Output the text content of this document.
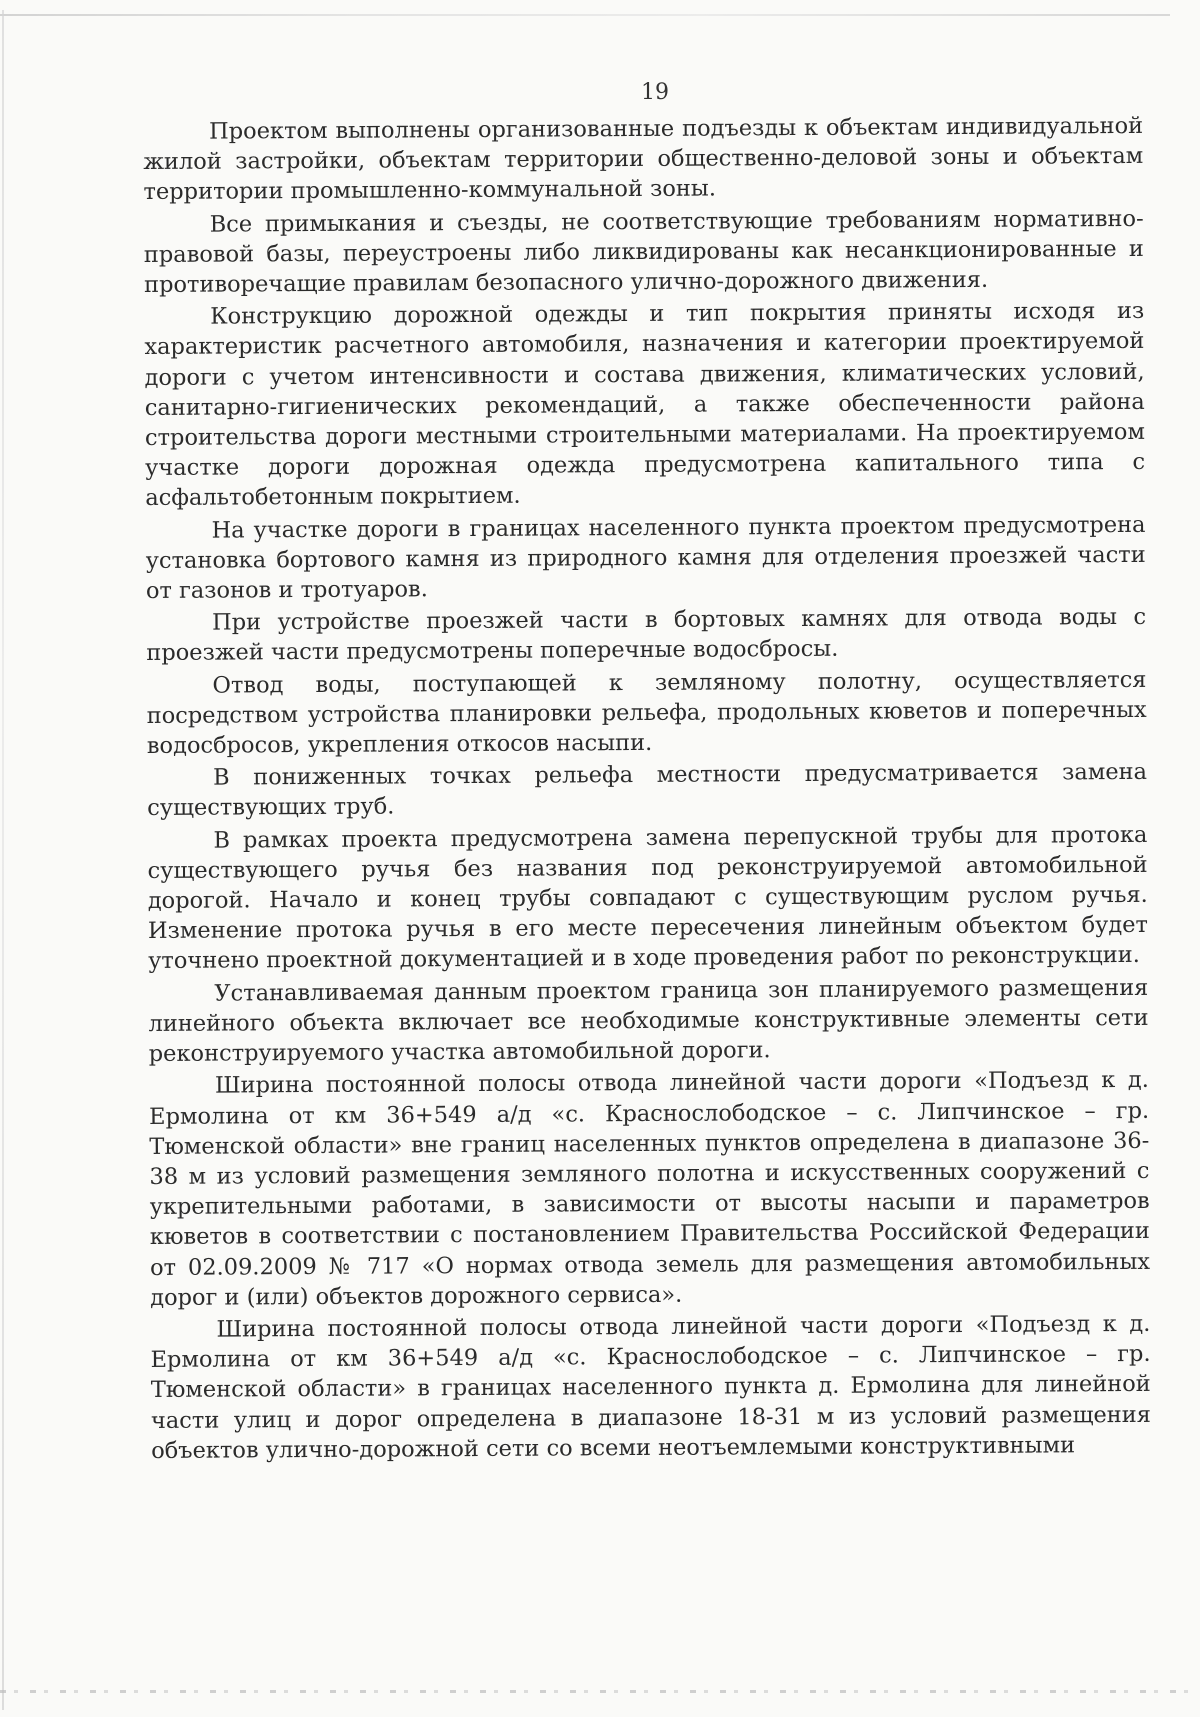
19

Проектом выполнены организованные подъезды к объектам индивидуальной жилой застройки, объектам территории общественно-деловой зоны и объектам территории промышленно-коммунальной зоны.

Все примыкания и съезды, не соответствующие требованиям нормативно-правовой базы, переустроены либо ликвидированы как несанкционированные и противоречащие правилам безопасного улично-дорожного движения.

Конструкцию дорожной одежды и тип покрытия приняты исходя из характеристик расчетного автомобиля, назначения и категории проектируемой дороги с учетом интенсивности и состава движения, климатических условий, санитарно-гигиенических рекомендаций, а также обеспеченности района строительства дороги местными строительными материалами. На проектируемом участке дороги дорожная одежда предусмотрена капитального типа с асфальтобетонным покрытием.

На участке дороги в границах населенного пункта проектом предусмотрена установка бортового камня из природного камня для отделения проезжей части от газонов и тротуаров.

При устройстве проезжей части в бортовых камнях для отвода воды с проезжей части предусмотрены поперечные водосбросы.

Отвод воды, поступающей к земляному полотну, осуществляется посредством устройства планировки рельефа, продольных кюветов и поперечных водосбросов, укрепления откосов насыпи.

В пониженных точках рельефа местности предусматривается замена существующих труб.

В рамках проекта предусмотрена замена перепускной трубы для протока существующего ручья без названия под реконструируемой автомобильной дорогой. Начало и конец трубы совпадают с существующим руслом ручья. Изменение протока ручья в его месте пересечения линейным объектом будет уточнено проектной документацией и в ходе проведения работ по реконструкции.

Устанавливаемая данным проектом граница зон планируемого размещения линейного объекта включает все необходимые конструктивные элементы сети реконструируемого участка автомобильной дороги.

Ширина постоянной полосы отвода линейной части дороги «Подъезд к д. Ермолина от км 36+549 а/д «с. Краснослободское – с. Липчинское – гр. Тюменской области» вне границ населенных пунктов определена в диапазоне 36-38 м из условий размещения земляного полотна и искусственных сооружений с укрепительными работами, в зависимости от высоты насыпи и параметров кюветов в соответствии с постановлением Правительства Российской Федерации от 02.09.2009 № 717 «О нормах отвода земель для размещения автомобильных дорог и (или) объектов дорожного сервиса».

Ширина постоянной полосы отвода линейной части дороги «Подъезд к д. Ермолина от км 36+549 а/д «с. Краснослободское – с. Липчинское – гр. Тюменской области» в границах населенного пункта д. Ермолина для линейной части улиц и дорог определена в диапазоне 18-31 м из условий размещения объектов улично-дорожной сети со всеми неотъемлемыми конструктивными
